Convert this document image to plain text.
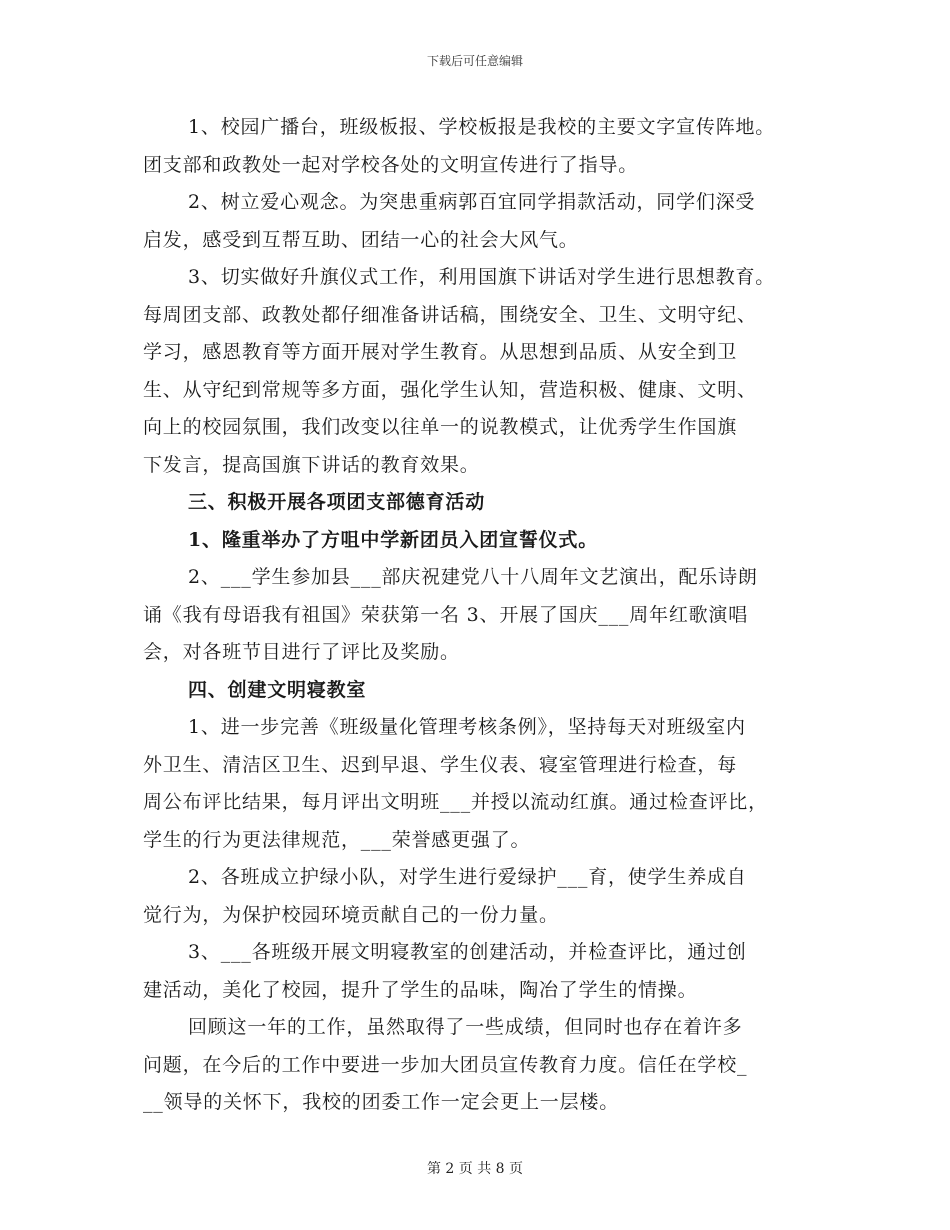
下载后可任意编辑
1、校园广播台，班级板报、学校板报是我校的主要文字宣传阵地。
团支部和政教处一起对学校各处的文明宣传进行了指导。
2、树立爱心观念。为突患重病郭百宜同学捐款活动，同学们深受
启发，感受到互帮互助、团结一心的社会大风气。
3、切实做好升旗仪式工作，利用国旗下讲话对学生进行思想教育。
每周团支部、政教处都仔细准备讲话稿，围绕安全、卫生、文明守纪、
学习，感恩教育等方面开展对学生教育。从思想到品质、从安全到卫
生、从守纪到常规等多方面，强化学生认知，营造积极、健康、文明、
向上的校园氛围，我们改变以往单一的说教模式，让优秀学生作国旗
下发言，提高国旗下讲话的教育效果。
三、积极开展各项团支部德育活动
1、隆重举办了方咀中学新团员入团宣誓仪式。
2、___学生参加县___部庆祝建党八十八周年文艺演出，配乐诗朗
诵《我有母语我有祖国》荣获第一名 3、开展了国庆___周年红歌演唱
会，对各班节目进行了评比及奖励。
四、创建文明寝教室
1、进一步完善《班级量化管理考核条例》，坚持每天对班级室内
外卫生、清洁区卫生、迟到早退、学生仪表、寝室管理进行检查，每
周公布评比结果，每月评出文明班___并授以流动红旗。通过检查评比，
学生的行为更法律规范，___荣誉感更强了。
2、各班成立护绿小队，对学生进行爱绿护___育，使学生养成自
觉行为，为保护校园环境贡献自己的一份力量。
3、___各班级开展文明寝教室的创建活动，并检查评比，通过创
建活动，美化了校园，提升了学生的品味，陶冶了学生的情操。
回顾这一年的工作，虽然取得了一些成绩，但同时也存在着许多
问题，在今后的工作中要进一步加大团员宣传教育力度。信任在学校_
__领导的关怀下，我校的团委工作一定会更上一层楼。
第 2 页 共 8 页
